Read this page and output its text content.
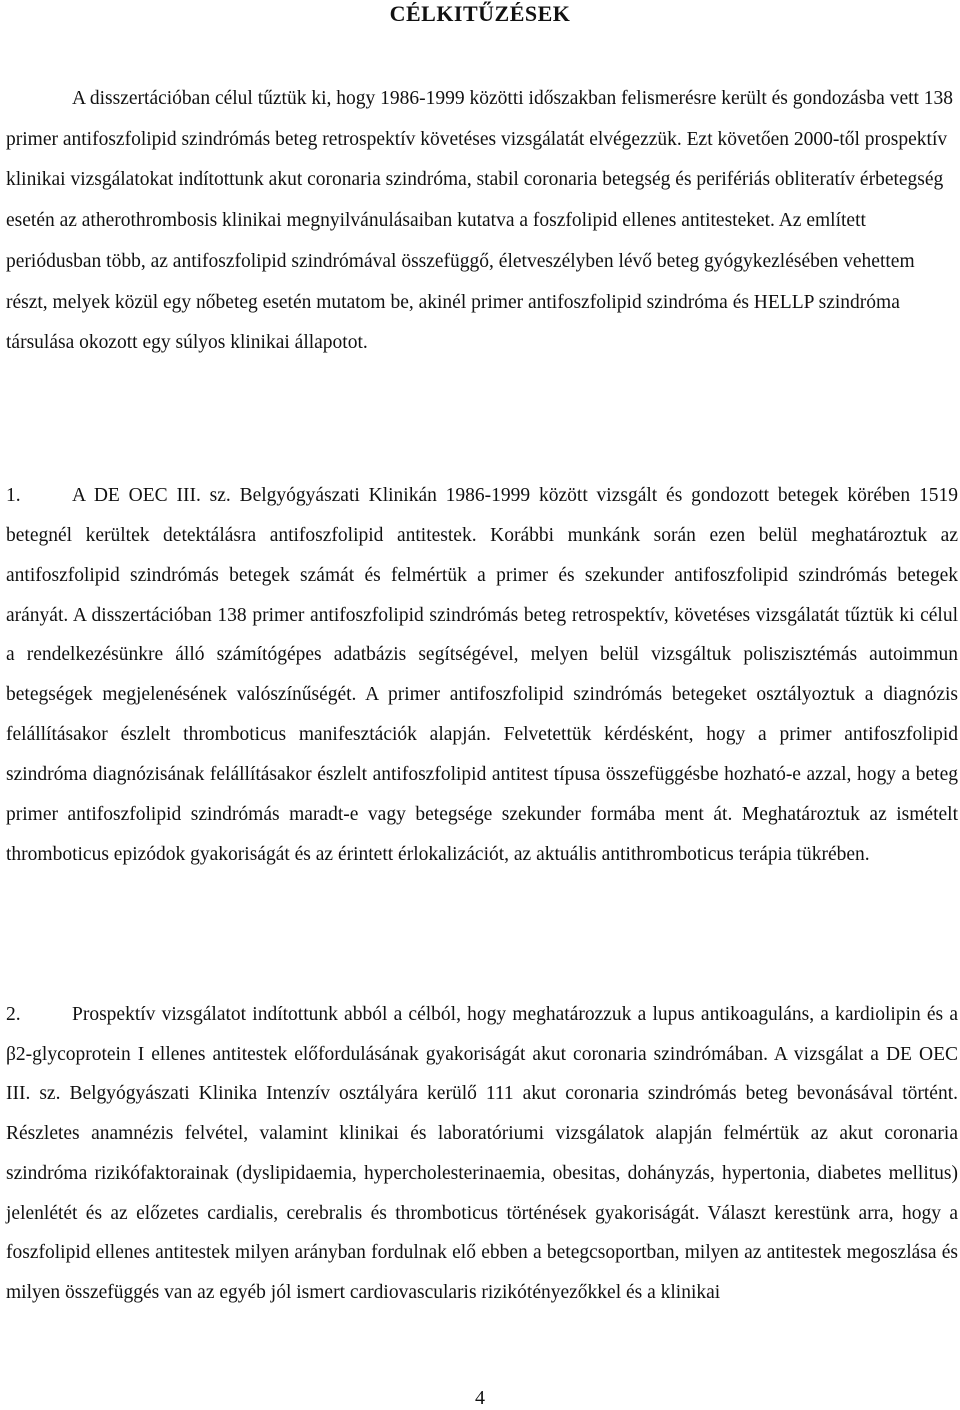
CÉLKITŰZÉSEK

A disszertációban célul tűztük ki, hogy 1986-1999 közötti időszakban felismerésre került és gondozásba vett 138 primer antifoszfolipid szindrómás beteg retrospektív követéses vizsgálatát elvégezzük. Ezt követően 2000-től prospektív klinikai vizsgálatokat indítottunk akut coronaria szindróma, stabil coronaria betegség és perifériás obliteratív érbetegség esetén az atherothrombosis klinikai megnyilvánulásaiban kutatva a foszfolipid ellenes antitesteket. Az említett periódusban több, az antifoszfolipid szindrómával összefüggő, életveszélyben lévő beteg gyógykezlésében vehettem részt, melyek közül egy nőbeteg esetén mutatom be, akinél primer antifoszfolipid szindróma és HELLP szindróma társulása okozott egy súlyos klinikai állapotot.

1.	A DE OEC III. sz. Belgyógyászati Klinikán 1986-1999 között vizsgált és gondozott betegek körében 1519 betegnél kerültek detektálásra antifoszfolipid antitestek. Korábbi munkánk során ezen belül meghatároztuk az antifoszfolipid szindrómás betegek számát és felmértük a primer és szekunder antifoszfolipid szindrómás betegek arányát. A disszertációban 138 primer antifoszfolipid szindrómás beteg retrospektív, követéses vizsgálatát tűztük ki célul a rendelkezésünkre álló számítógépes adatbázis segítségével, melyen belül vizsgáltuk poliszisztémás autoimmun betegségek megjelenésének valószínűségét. A primer antifoszfolipid szindrómás betegeket osztályoztuk a diagnózis felállításakor észlelt thromboticus manifesztációk alapján. Felvetettük kérdésként, hogy a primer antifoszfolipid szindróma diagnózisának felállításakor észlelt antifoszfolipid antitest típusa összefüggésbe hozható-e azzal, hogy a beteg primer antifoszfolipid szindrómás maradt-e vagy betegsége szekunder formába ment át. Meghatároztuk az ismételt thromboticus epizódok gyakoriságát és az érintett érlokalizációt, az aktuális antithromboticus terápia tükrében.

2.	Prospektív vizsgálatot indítottunk abból a célból, hogy meghatározzuk a lupus antikoaguláns, a kardiolipin és a β2-glycoprotein I ellenes antitestek előfordulásának gyakoriságát akut coronaria szindrómában. A vizsgálat a DE OEC III. sz. Belgyógyászati Klinika Intenzív osztályára kerülő 111 akut coronaria szindrómás beteg bevonásával történt. Részletes anamnézis felvétel, valamint klinikai és laboratóriumi vizsgálatok alapján felmértük az akut coronaria szindróma rizikófaktorainak (dyslipidaemia, hypercholesterinaemia, obesitas, dohányzás, hypertonia, diabetes mellitus) jelenlétét és az előzetes cardialis, cerebralis és thromboticus történések gyakoriságát. Választ kerestünk arra, hogy a foszfolipid ellenes antitestek milyen arányban fordulnak elő ebben a betegcsoportban, milyen az antitestek megoszlása és milyen összefüggés van az egyéb jól ismert cardiovascularis rizikótényezőkkel és a klinikai

4
